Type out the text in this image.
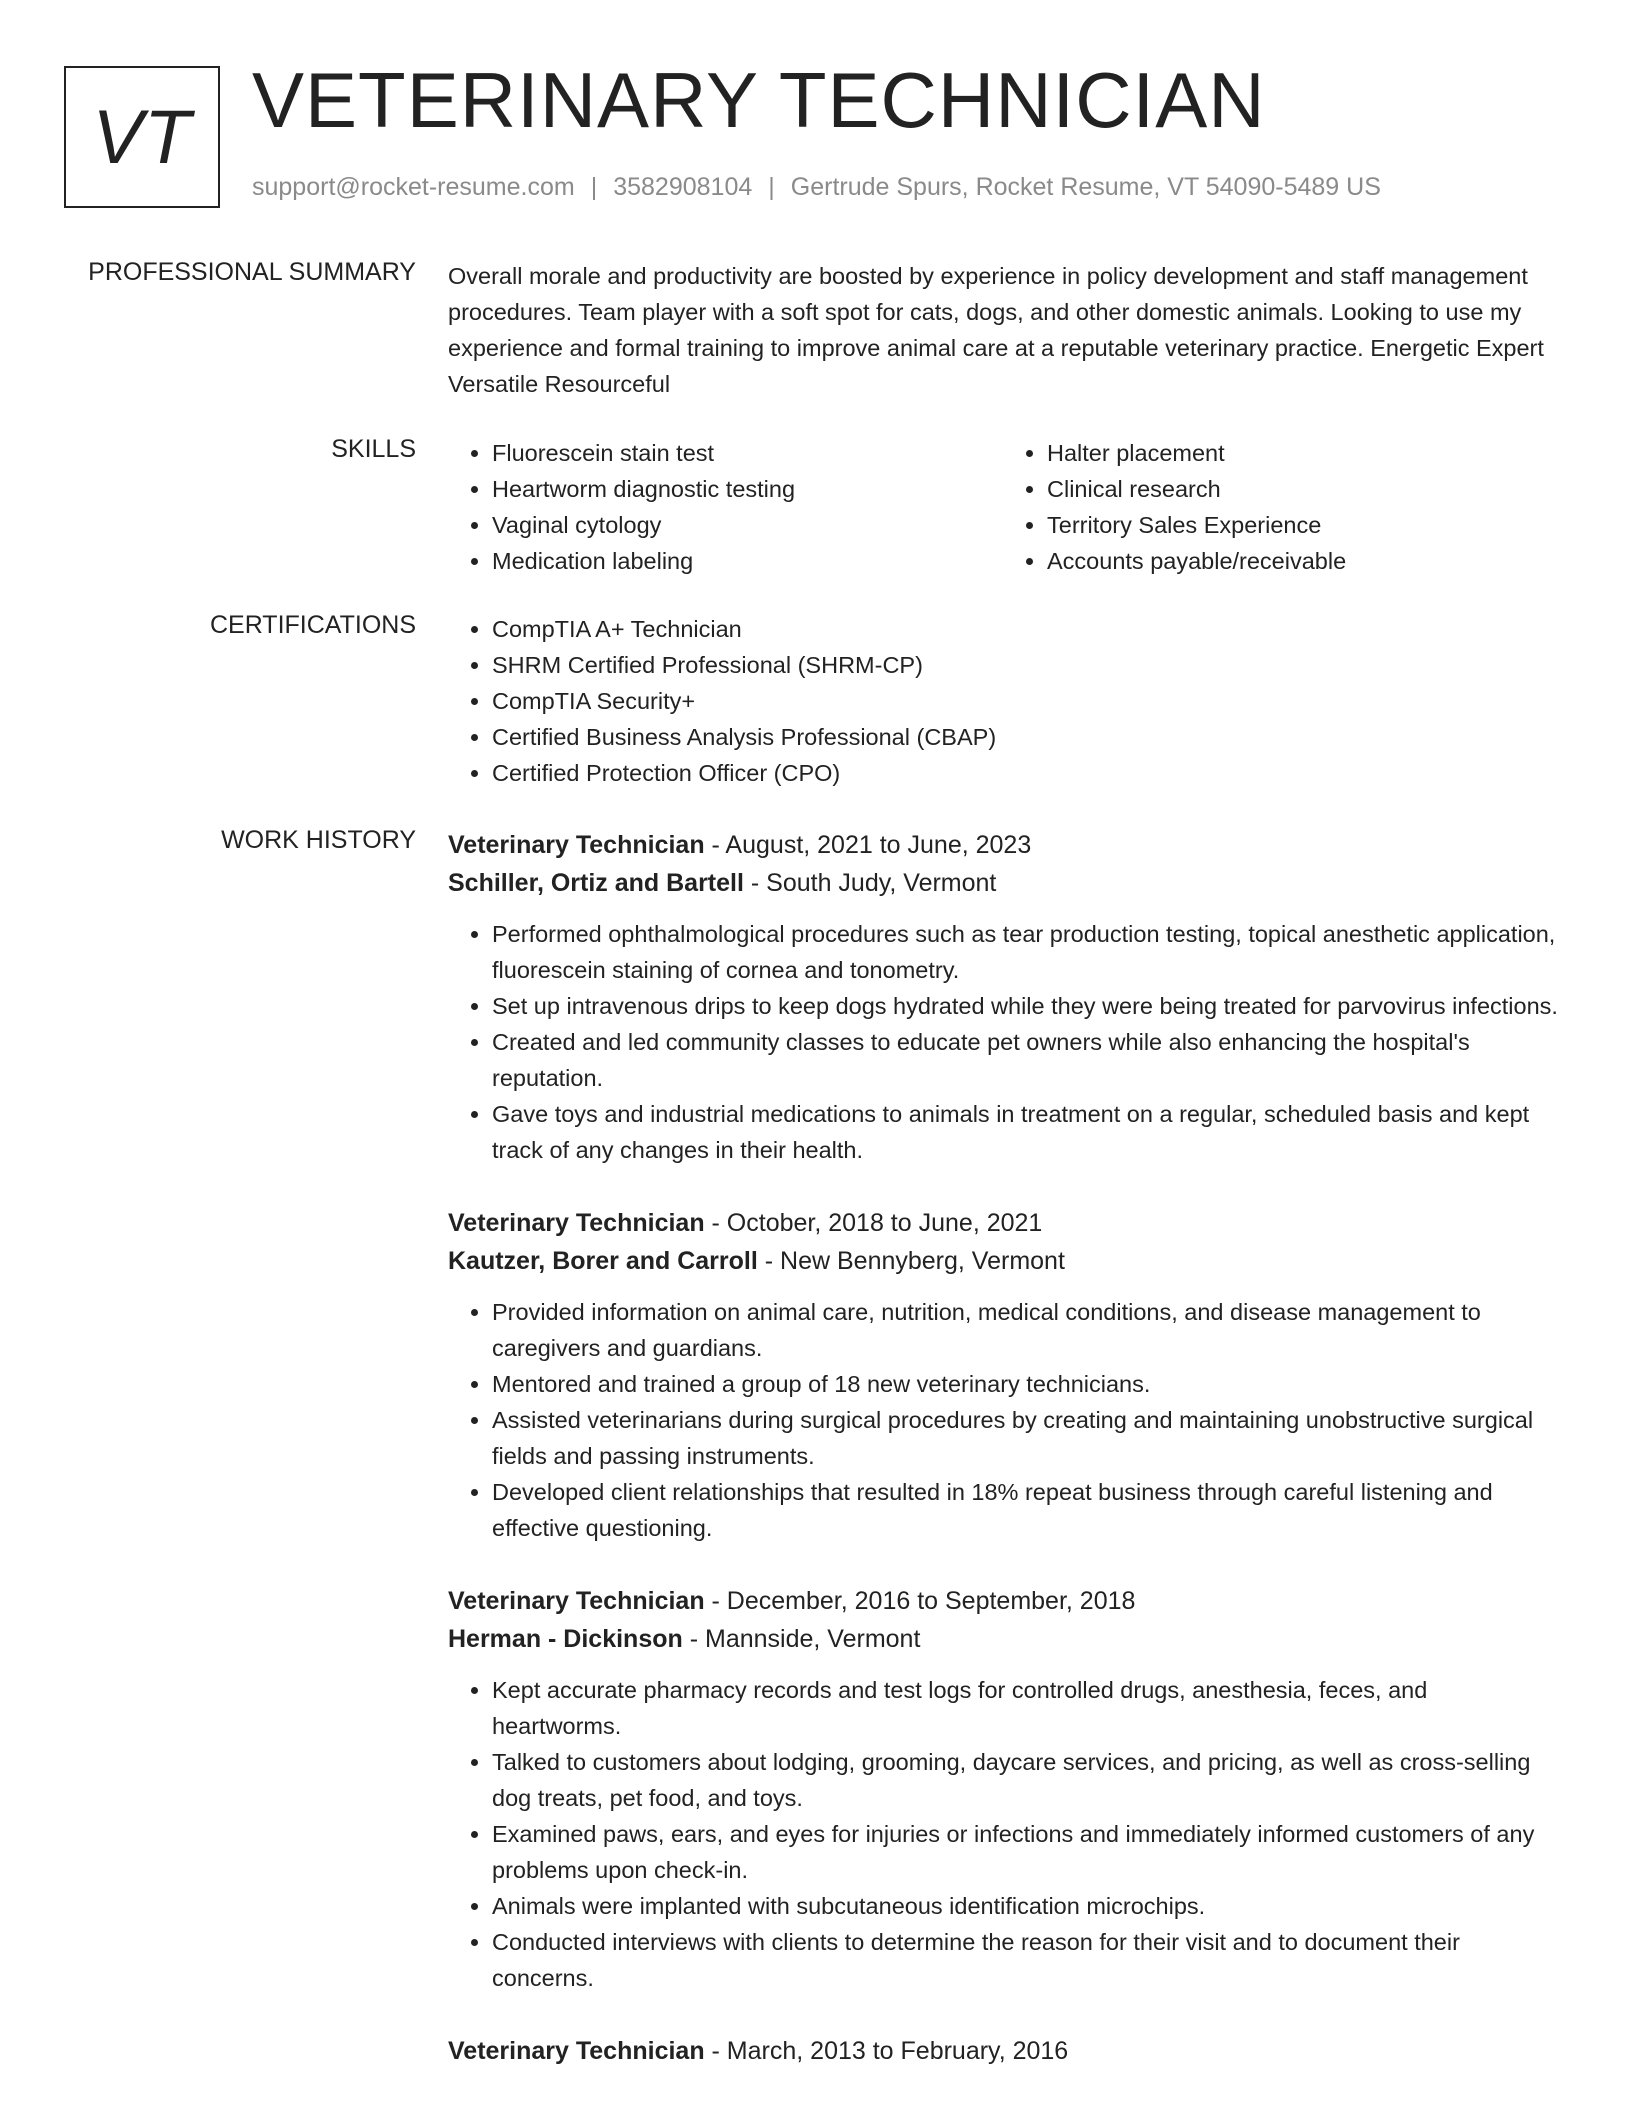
VT VETERINARY TECHNICIAN
support@rocket-resume.com | 3582908104 | Gertrude Spurs, Rocket Resume, VT 54090-5489 US
PROFESSIONAL SUMMARY Overall morale and productivity are boosted by experience in policy development and staff management procedures. Team player with a soft spot for cats, dogs, and other domestic animals. Looking to use my experience and formal training to improve animal care at a reputable veterinary practice. Energetic Expert Versatile Resourceful
SKILLS	• Fluorescein stain test
• Heartworm diagnostic testing
• Vaginal cytology
• Medication labeling
• Halter placement
• Clinical research
• Territory Sales Experience
• Accounts payable/receivable
CERTIFICATIONS	• CompTIA A+ Technician
• SHRM Certified Professional (SHRM-CP)
• CompTIA Security+
• Certified Business Analysis Professional (CBAP)
• Certified Protection Officer (CPO)
WORK HISTORY Veterinary Technician - August, 2021 to June, 2023
Schiller, Ortiz and Bartell - South Judy, Vermont
• Performed ophthalmological procedures such as tear production testing, topical anesthetic application, fluorescein staining of cornea and tonometry.
• Set up intravenous drips to keep dogs hydrated while they were being treated for parvovirus infections.
• Created and led community classes to educate pet owners while also enhancing the hospital's reputation.
• Gave toys and industrial medications to animals in treatment on a regular, scheduled basis and kept track of any changes in their health.
Veterinary Technician - October, 2018 to June, 2021
Kautzer, Borer and Carroll - New Bennyberg, Vermont
• Provided information on animal care, nutrition, medical conditions, and disease management to caregivers and guardians.
• Mentored and trained a group of 18 new veterinary technicians.
• Assisted veterinarians during surgical procedures by creating and maintaining unobstructive surgical fields and passing instruments.
• Developed client relationships that resulted in 18% repeat business through careful listening and effective questioning.
Veterinary Technician - December, 2016 to September, 2018
Herman - Dickinson - Mannside, Vermont
• Kept accurate pharmacy records and test logs for controlled drugs, anesthesia, feces, and heartworms.
• Talked to customers about lodging, grooming, daycare services, and pricing, as well as cross-selling dog treats, pet food, and toys.
• Examined paws, ears, and eyes for injuries or infections and immediately informed customers of any problems upon check-in.
• Animals were implanted with subcutaneous identification microchips.
• Conducted interviews with clients to determine the reason for their visit and to document their concerns.
Veterinary Technician - March, 2013 to February, 2016
